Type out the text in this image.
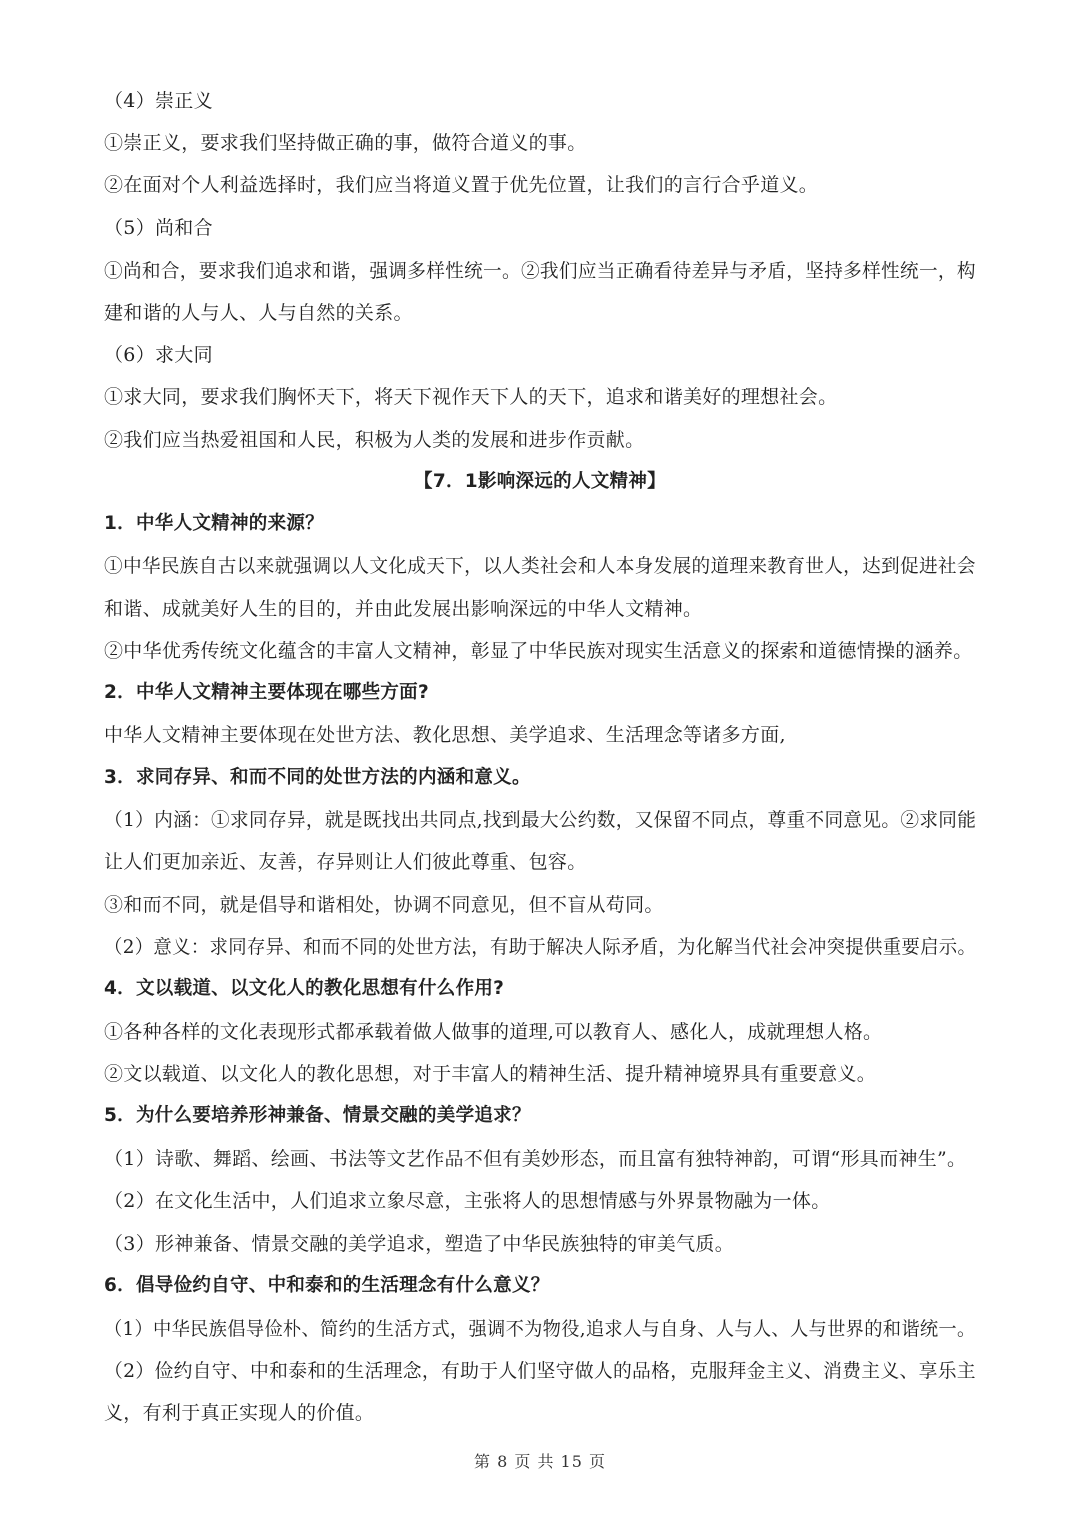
（4）崇正义
①崇正义，要求我们坚持做正确的事，做符合道义的事。
②在面对个人利益选择时，我们应当将道义置于优先位置，让我们的言行合乎道义。
（5）尚和合
①尚和合，要求我们追求和谐，强调多样性统一。②我们应当正确看待差异与矛盾，坚持多样性统一，构
建和谐的人与人、人与自然的关系。
（6）求大同
①求大同，要求我们胸怀天下，将天下视作天下人的天下，追求和谐美好的理想社会。
②我们应当热爱祖国和人民，积极为人类的发展和进步作贡献。
【7．1影响深远的人文精神】
1．中华人文精神的来源？
①中华民族自古以来就强调以人文化成天下，以人类社会和人本身发展的道理来教育世人，达到促进社会
和谐、成就美好人生的目的，并由此发展出影响深远的中华人文精神。
②中华优秀传统文化蕴含的丰富人文精神，彰显了中华民族对现实生活意义的探索和道德情操的涵养。
2．中华人文精神主要体现在哪些方面?
中华人文精神主要体现在处世方法、教化思想、美学追求、生活理念等诸多方面,
3．求同存异、和而不同的处世方法的内涵和意义。
（1）内涵：①求同存异，就是既找出共同点,找到最大公约数，又保留不同点，尊重不同意见。②求同能
让人们更加亲近、友善，存异则让人们彼此尊重、包容。
③和而不同，就是倡导和谐相处，协调不同意见，但不盲从苟同。
（2）意义：求同存异、和而不同的处世方法，有助于解决人际矛盾，为化解当代社会冲突提供重要启示。
4．文以载道、以文化人的教化思想有什么作用?
①各种各样的文化表现形式都承载着做人做事的道理,可以教育人、感化人，成就理想人格。
②文以载道、以文化人的教化思想，对于丰富人的精神生活、提升精神境界具有重要意义。
5．为什么要培养形神兼备、情景交融的美学追求？
（1）诗歌、舞蹈、绘画、书法等文艺作品不但有美妙形态，而且富有独特神韵，可谓“形具而神生”。
（2）在文化生活中，人们追求立象尽意，主张将人的思想情感与外界景物融为一体。
（3）形神兼备、情景交融的美学追求，塑造了中华民族独特的审美气质。
6．倡导俭约自守、中和泰和的生活理念有什么意义？
（1）中华民族倡导俭朴、简约的生活方式，强调不为物役,追求人与自身、人与人、人与世界的和谐统一。
（2）俭约自守、中和泰和的生活理念，有助于人们坚守做人的品格，克服拜金主义、消费主义、享乐主
义，有利于真正实现人的价值。
第 8 页 共 15 页
